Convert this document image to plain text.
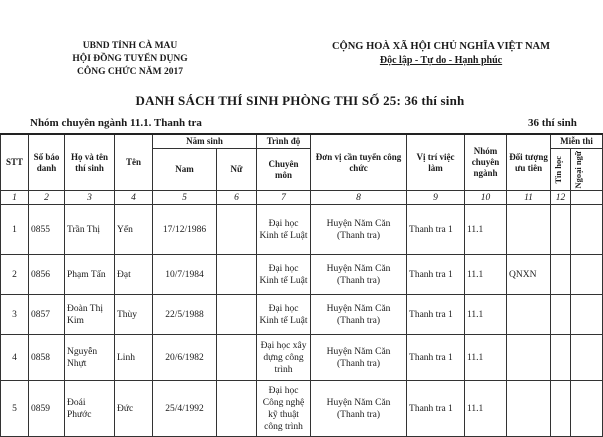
UBND TỈNH CÀ MAU
HỘI ĐỒNG TUYỂN DỤNG
CÔNG CHỨC NĂM 2017
CỘNG HOÀ XÃ HỘI CHỦ NGHĨA VIỆT NAM
Độc lập - Tự do - Hạnh phúc
DANH SÁCH THÍ SINH PHÒNG THI SỐ 25: 36 thí sinh
Nhóm chuyên ngành 11.1. Thanh tra	36 thí sinh
STT	Số báo danh	Họ và tên thí sinh	Tên	Năm sinh		Trình độ	Đơn vị cần tuyển công chức	Vị trí việc làm	Nhóm chuyên ngành	Đối tượng ưu tiên	Miễn thi	
				Nam	Nữ	Chuyên môn					Tin học	Ngoại ngữ

1	2	3	4	5	6	7	8	9	10	11	12	
1	0855	Trần Thị	Yến	17/12/1986		Đại học Kinh tế Luật	Huyện Năm Căn (Thanh tra)	Thanh tra 1	11.1			
2	0856	Phạm Tấn	Đạt	10/7/1984		Đại học Kinh tế Luật	Huyện Năm Căn (Thanh tra)	Thanh tra 1	11.1	QNXN		
3	0857	Đoàn Thị Kim	Thùy	22/5/1988		Đại học Kinh tế Luật	Huyện Năm Căn (Thanh tra)	Thanh tra 1	11.1			
4	0858	Nguyễn Nhựt	Linh	20/6/1982		Đại học xây dựng công trình	Huyện Năm Căn (Thanh tra)	Thanh tra 1	11.1			
5	0859	Đoái Phước	Đức	25/4/1992		Đại học Công nghệ kỹ thuật công trình	Huyện Năm Căn (Thanh tra)	Thanh tra 1	11.1			
